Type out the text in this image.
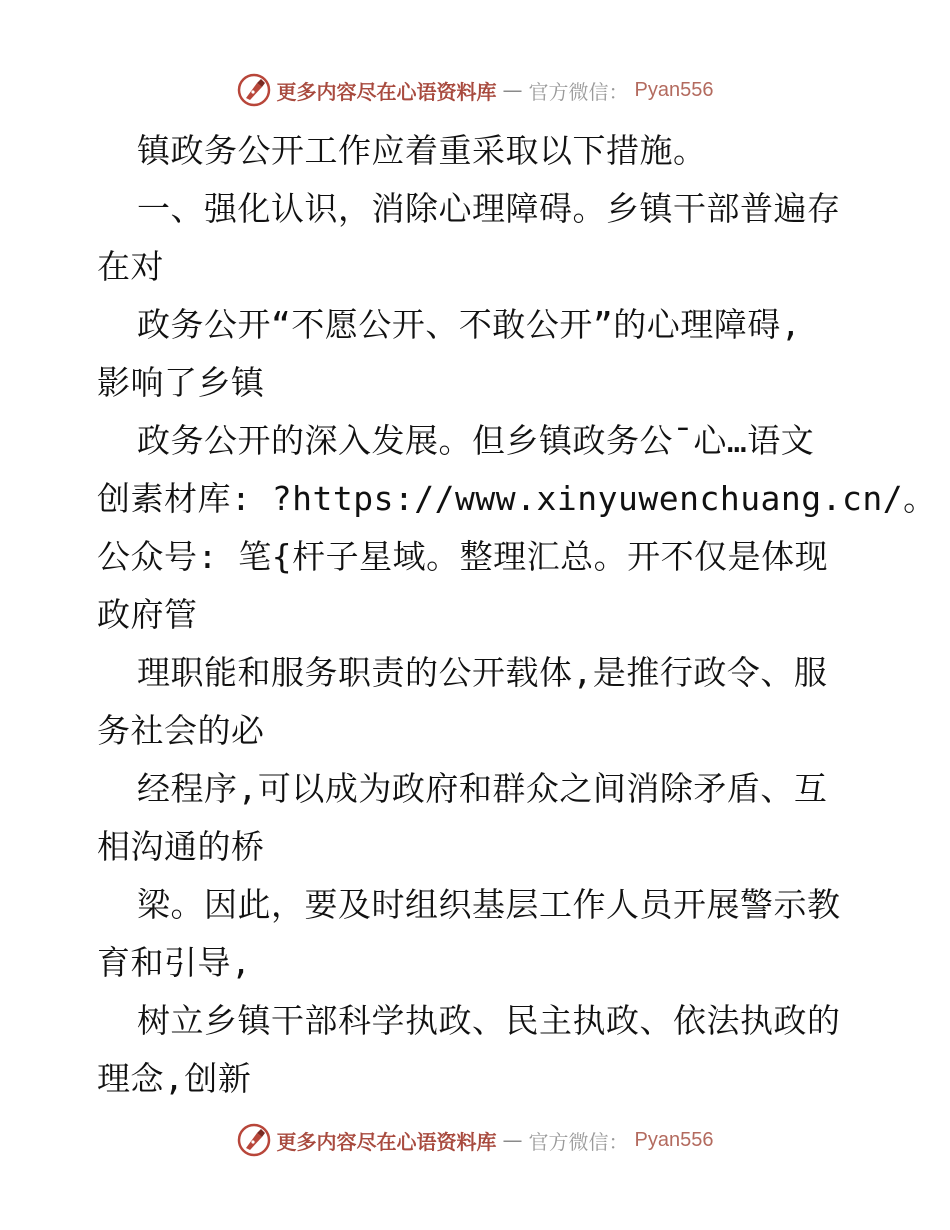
更多内容尽在心语资料库 — 官方微信： Pyan556
镇政务公开工作应着重采取以下措施。
一、强化认识，消除心理障碍。乡镇干部普遍存
在对
政务公开“不愿公开、不敢公开”的心理障碍,
影响了乡镇
政务公开的深入发展。但乡镇政务公¯心…语文
创素材库: ?https://www.xinyuwenchuang.cn/。
公众号: 笔{杆子星域。整理汇总。开不仅是体现
政府管
理职能和服务职责的公开载体,是推行政令、服
务社会的必
经程序,可以成为政府和群众之间消除矛盾、互
相沟通的桥
梁。因此，要及时组织基层工作人员开展警示教
育和引导,
树立乡镇干部科学执政、民主执政、依法执政的
理念,创新
更多内容尽在心语资料库 — 官方微信： Pyan556
